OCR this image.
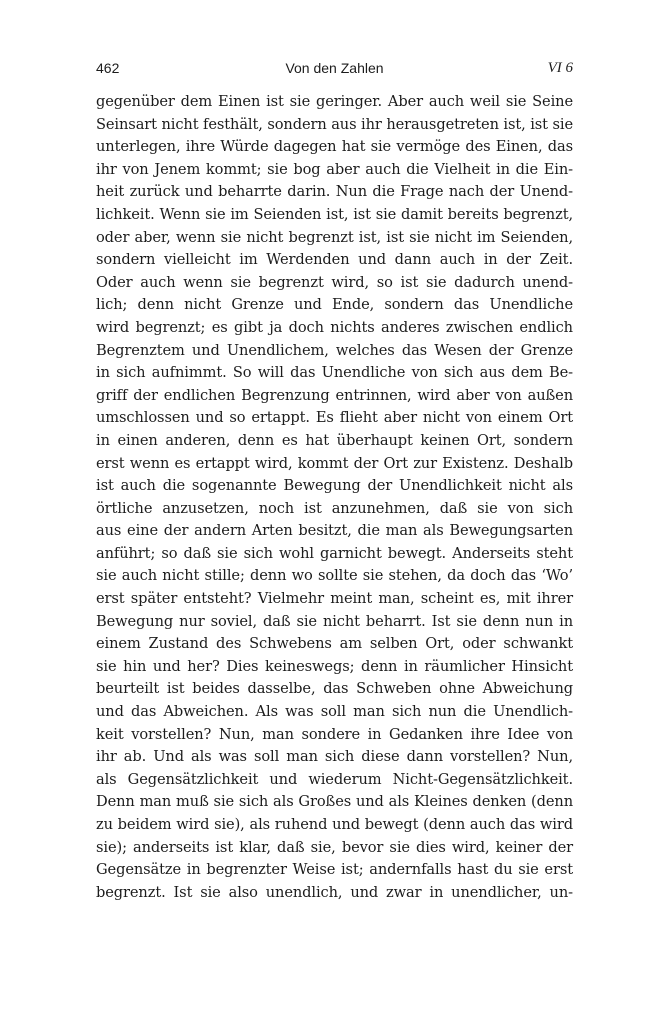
462	Von den Zahlen	VI 6
gegenüber dem Einen ist sie geringer. Aber auch weil sie Seine
Seinsart nicht festhält, sondern aus ihr herausgetreten ist, ist sie
unterlegen, ihre Würde dagegen hat sie vermöge des Einen, das
ihr von Jenem kommt; sie bog aber auch die Vielheit in die Ein-
heit zurück und beharrte darin. Nun die Frage nach der Unend-
lichkeit. Wenn sie im Seienden ist, ist sie damit bereits begrenzt,
oder aber, wenn sie nicht begrenzt ist, ist sie nicht im Seienden,
sondern vielleicht im Werdenden und dann auch in der Zeit.
Oder auch wenn sie begrenzt wird, so ist sie dadurch unend-
lich; denn nicht Grenze und Ende, sondern das Unendliche
wird begrenzt; es gibt ja doch nichts anderes zwischen endlich
Begrenztem und Unendlichem, welches das Wesen der Grenze
in sich aufnimmt. So will das Unendliche von sich aus dem Be-
griff der endlichen Begrenzung entrinnen, wird aber von außen
umschlossen und so ertappt. Es flieht aber nicht von einem Ort
in einen anderen, denn es hat überhaupt keinen Ort, sondern
erst wenn es ertappt wird, kommt der Ort zur Existenz. Deshalb
ist auch die sogenannte Bewegung der Unendlichkeit nicht als
örtliche anzusetzen, noch ist anzunehmen, daß sie von sich
aus eine der andern Arten besitzt, die man als Bewegungsarten
anführt; so daß sie sich wohl garnicht bewegt. Anderseits steht
sie auch nicht stille; denn wo sollte sie stehen, da doch das ‘Wo’
erst später entsteht? Vielmehr meint man, scheint es, mit ihrer
Bewegung nur soviel, daß sie nicht beharrt. Ist sie denn nun in
einem Zustand des Schwebens am selben Ort, oder schwankt
sie hin und her? Dies keineswegs; denn in räumlicher Hinsicht
beurteilt ist beides dasselbe, das Schweben ohne Abweichung
und das Abweichen. Als was soll man sich nun die Unendlich-
keit vorstellen? Nun, man sondere in Gedanken ihre Idee von
ihr ab. Und als was soll man sich diese dann vorstellen? Nun,
als Gegensätzlichkeit und wiederum Nicht-Gegensätzlichkeit.
Denn man muß sie sich als Großes und als Kleines denken (denn
zu beidem wird sie), als ruhend und bewegt (denn auch das wird
sie); anderseits ist klar, daß sie, bevor sie dies wird, keiner der
Gegensätze in begrenzter Weise ist; andernfalls hast du sie erst
begrenzt. Ist sie also unendlich, und zwar in unendlicher, un-
